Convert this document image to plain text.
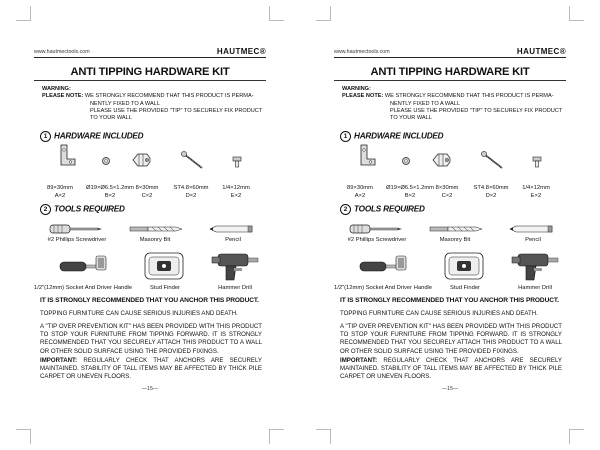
www.hautmectools.com	HAUTMEC®
ANTI TIPPING HARDWARE KIT
WARNING:
PLEASE NOTE: WE STRONGLY RECOMMEND THAT THIS PRODUCT IS PERMA-
NENTLY FIXED TO A WALL
PLEASE USE THE PROVIDED "TIP" TO SECURELY FIX PRODUCT
TO YOUR WALL
1 HARDWARE INCLUDED
89×30mm
A×2
Ø19×Ø6.5×1.2mm
B×2
8×30mm
C×2
ST4.8×60mm
D×2
1/4×12mm
E×2
2 TOOLS REQUIRED
#2 Phillips Screwdriver	Masonry Bit	Pencil
1/2"(12mm) Socket And Driver Handle	Stud Finder	Hammer Drill
IT IS STRONGLY RECOMMENDED THAT YOU ANCHOR THIS PRODUCT.
TOPPING FURNITURE CAN CAUSE SERIOUS INJURIES AND DEATH.
A "TIP OVER PREVENTION KIT" HAS BEEN PROVIDED WITH THIS PRODUCT TO STOP YOUR FURNITURE FROM TIPPING FORWARD. IT IS STRONGLY RECOMMENDED THAT YOU SECURELY ATTACH THIS PRODUCT TO A WALL OR OTHER SOLID SURFACE USING THE PROVIDED FIXINGS.
IMPORTANT: REGULARLY CHECK THAT ANCHORS ARE SECURELY MAINTAINED. STABILITY OF TALL ITEMS MAY BE AFFECTED BY THICK PILE CARPET OR UNEVEN FLOORS.
—15—
www.hautmectools.com	HAUTMEC®
ANTI TIPPING HARDWARE KIT
WARNING:
PLEASE NOTE: WE STRONGLY RECOMMEND THAT THIS PRODUCT IS PERMA-
NENTLY FIXED TO A WALL
PLEASE USE THE PROVIDED "TIP" TO SECURELY FIX PRODUCT
TO YOUR WALL
1 HARDWARE INCLUDED
89×30mm
A×2
Ø19×Ø6.5×1.2mm
B×2
8×30mm
C×2
ST4.8×60mm
D×2
1/4×12mm
E×2
2 TOOLS REQUIRED
#2 Phillips Screwdriver	Masonry Bit	Pencil
1/2"(12mm) Socket And Driver Handle	Stud Finder	Hammer Drill
IT IS STRONGLY RECOMMENDED THAT YOU ANCHOR THIS PRODUCT.
TOPPING FURNITURE CAN CAUSE SERIOUS INJURIES AND DEATH.
A "TIP OVER PREVENTION KIT" HAS BEEN PROVIDED WITH THIS PRODUCT TO STOP YOUR FURNITURE FROM TIPPING FORWARD. IT IS STRONGLY RECOMMENDED THAT YOU SECURELY ATTACH THIS PRODUCT TO A WALL OR OTHER SOLID SURFACE USING THE PROVIDED FIXINGS.
IMPORTANT: REGULARLY CHECK THAT ANCHORS ARE SECURELY MAINTAINED. STABILITY OF TALL ITEMS MAY BE AFFECTED BY THICK PILE CARPET OR UNEVEN FLOORS.
—15—
